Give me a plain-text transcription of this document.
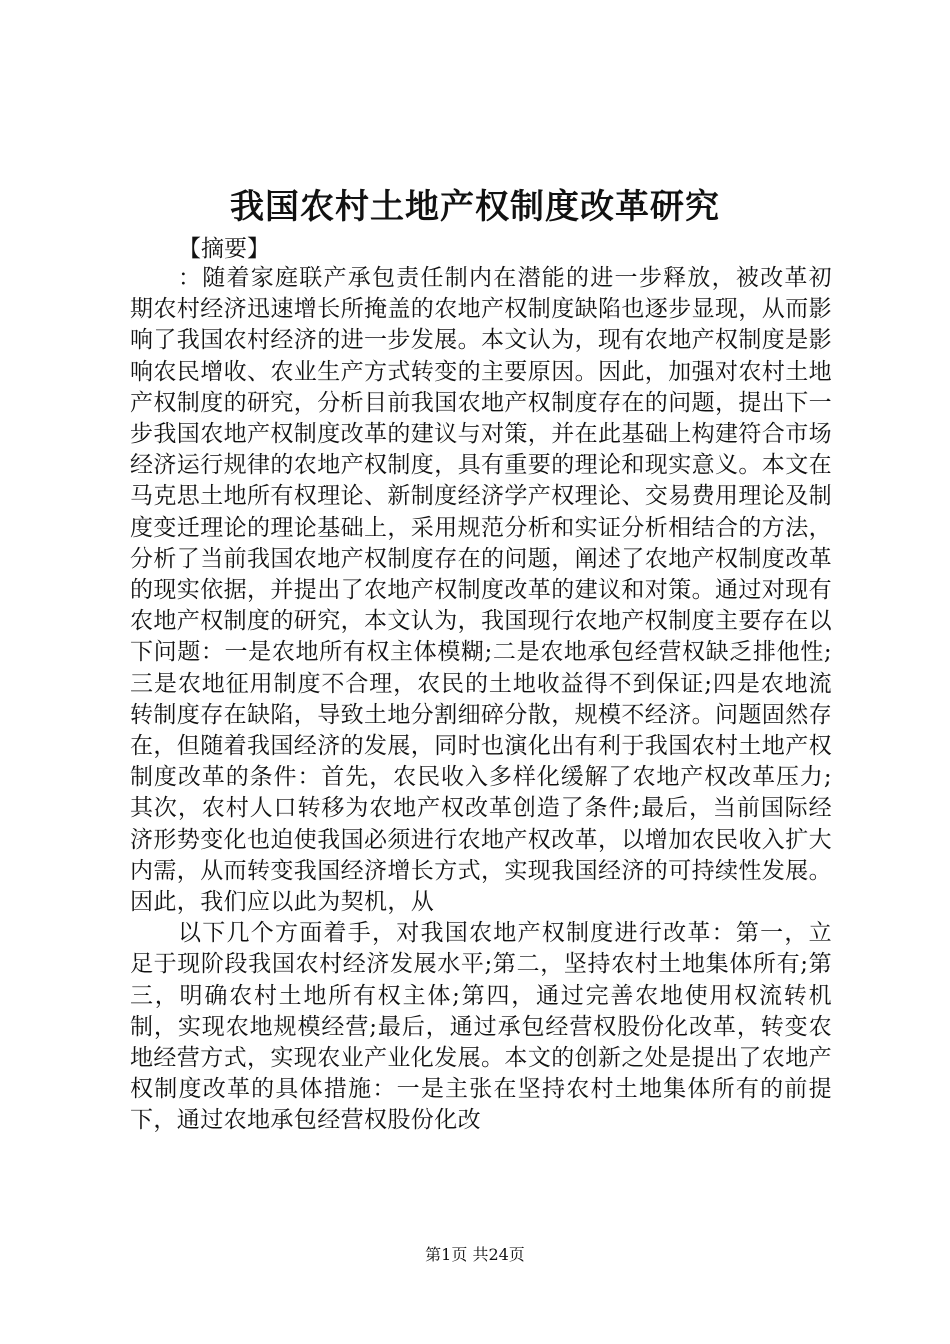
我国农村土地产权制度改革研究
【摘要】

：随着家庭联产承包责任制内在潜能的进一步释放，被改革初期农村经济迅速增长所掩盖的农地产权制度缺陷也逐步显现，从而影响了我国农村经济的进一步发展。本文认为，现有农地产权制度是影响农民增收、农业生产方式转变的主要原因。因此，加强对农村土地产权制度的研究，分析目前我国农地产权制度存在的问题，提出下一步我国农地产权制度改革的建议与对策，并在此基础上构建符合市场经济运行规律的农地产权制度，具有重要的理论和现实意义。本文在马克思土地所有权理论、新制度经济学产权理论、交易费用理论及制度变迁理论的理论基础上，采用规范分析和实证分析相结合的方法，分析了当前我国农地产权制度存在的问题，阐述了农地产权制度改革的现实依据，并提出了农地产权制度改革的建议和对策。通过对现有农地产权制度的研究，本文认为，我国现行农地产权制度主要存在以下问题：一是农地所有权主体模糊;二是农地承包经营权缺乏排他性;三是农地征用制度不合理，农民的土地收益得不到保证;四是农地流转制度存在缺陷，导致土地分割细碎分散，规模不经济。问题固然存在，但随着我国经济的发展，同时也演化出有利于我国农村土地产权制度改革的条件：首先，农民收入多样化缓解了农地产权改革压力;其次，农村人口转移为农地产权改革创造了条件;最后，当前国际经济形势变化也迫使我国必须进行农地产权改革，以增加农民收入扩大内需，从而转变我国经济增长方式，实现我国经济的可持续性发展。因此，我们应以此为契机，从

以下几个方面着手，对我国农地产权制度进行改革：第一，立足于现阶段我国农村经济发展水平;第二，坚持农村土地集体所有;第三，明确农村土地所有权主体;第四，通过完善农地使用权流转机制，实现农地规模经营;最后，通过承包经营权股份化改革，转变农地经营方式，实现农业产业化发展。本文的创新之处是提出了农地产权制度改革的具体措施：一是主张在坚持农村土地集体所有的前提下，通过农地承包经营权股份化改

第1页 共24页
